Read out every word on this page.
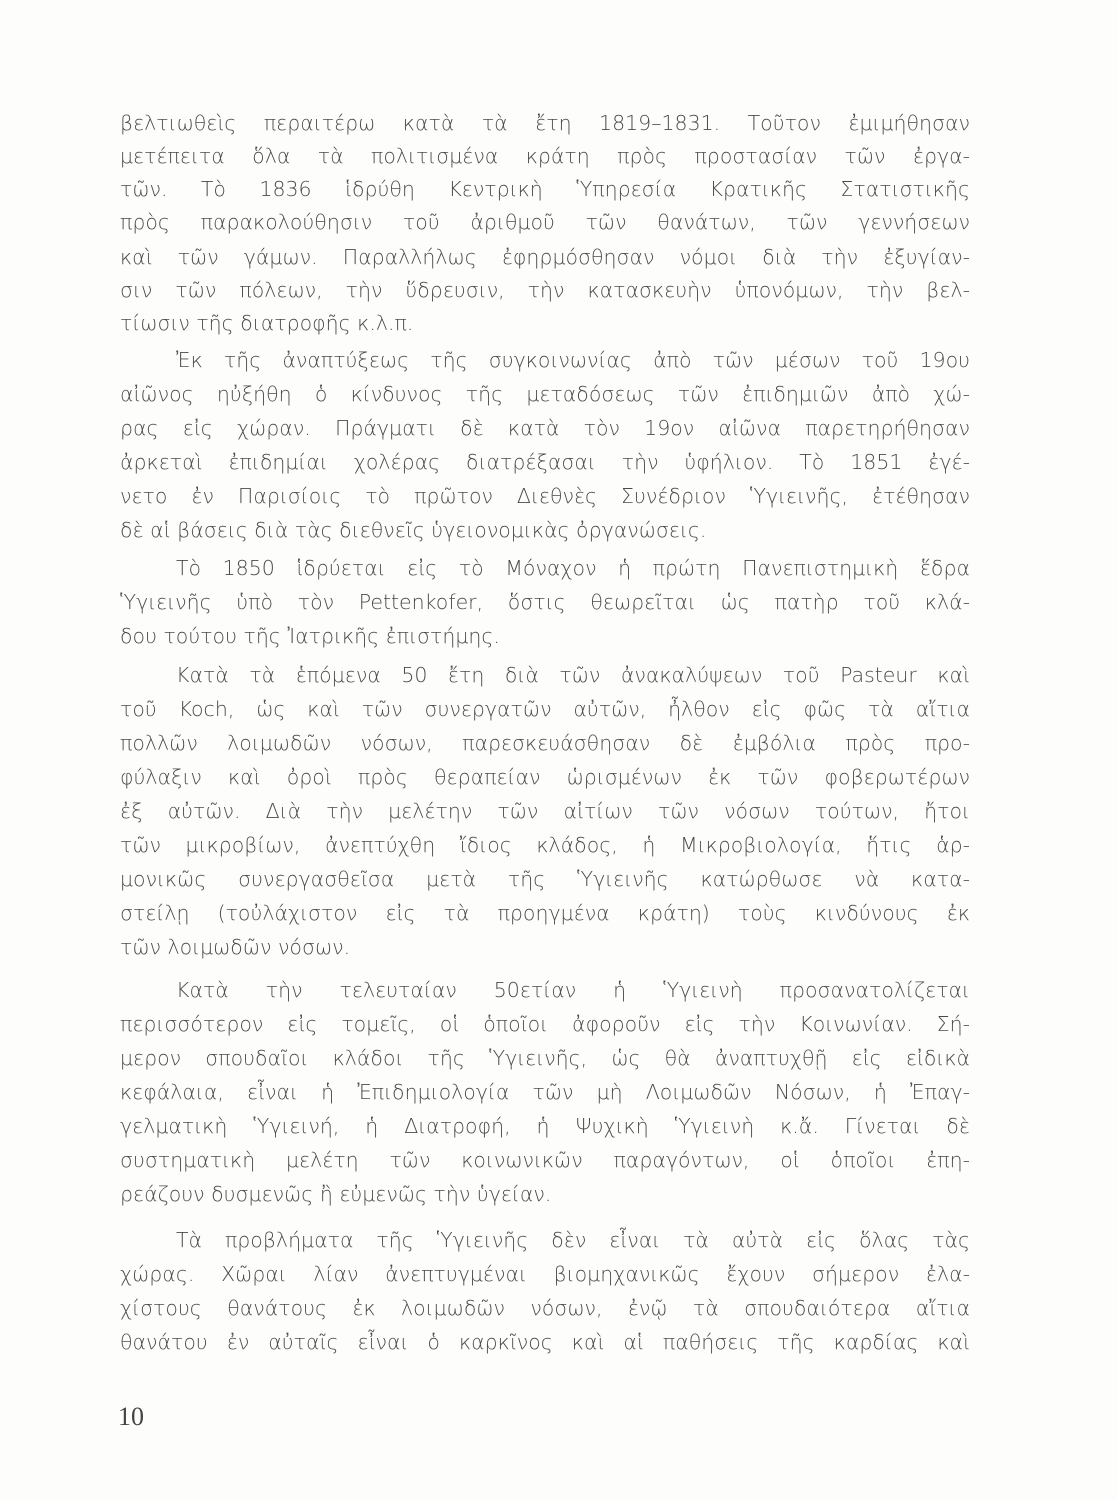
βελτιωθεὶς περαιτέρω κατὰ τὰ ἔτη 1819–1831. Τοῦτον ἐμιμήθησαν
μετέπειτα ὅλα τὰ πολιτισμένα κράτη πρὸς προστασίαν τῶν ἐργα-
τῶν. Τὸ 1836 ἱδρύθη Κεντρικὴ Ὑπηρεσία Κρατικῆς Στατιστικῆς
πρὸς παρακολούθησιν τοῦ ἀριθμοῦ τῶν θανάτων, τῶν γεννήσεων
καὶ τῶν γάμων. Παραλλήλως ἐφηρμόσθησαν νόμοι διὰ τὴν ἐξυγίαν-
σιν τῶν πόλεων, τὴν ὕδρευσιν, τὴν κατασκευὴν ὑπονόμων, τὴν βελ-
τίωσιν τῆς διατροφῆς κ.λ.π.
Ἐκ τῆς ἀναπτύξεως τῆς συγκοινωνίας ἀπὸ τῶν μέσων τοῦ 19ου
αἰῶνος ηὐξήθη ὁ κίνδυνος τῆς μεταδόσεως τῶν ἐπιδημιῶν ἀπὸ χώ-
ρας εἰς χώραν. Πράγματι δὲ κατὰ τὸν 19ον αἰῶνα παρετηρήθησαν
ἀρκεταὶ ἐπιδημίαι χολέρας διατρέξασαι τὴν ὑφήλιον. Τὸ 1851 ἐγέ-
νετο ἐν Παρισίοις τὸ πρῶτον Διεθνὲς Συνέδριον Ὑγιεινῆς, ἐτέθησαν
δὲ αἱ βάσεις διὰ τὰς διεθνεῖς ὑγειονομικὰς ὀργανώσεις.
Τὸ 1850 ἱδρύεται εἰς τὸ Μόναχον ἡ πρώτη Πανεπιστημικὴ ἕδρα
Ὑγιεινῆς ὑπὸ τὸν Pettenkofer, ὅστις θεωρεῖται ὡς πατὴρ τοῦ κλά-
δου τούτου τῆς Ἰατρικῆς ἐπιστήμης.
Κατὰ τὰ ἑπόμενα 50 ἔτη διὰ τῶν ἀνακαλύψεων τοῦ Pasteur καὶ
τοῦ Koch, ὡς καὶ τῶν συνεργατῶν αὐτῶν, ἦλθον εἰς φῶς τὰ αἴτια
πολλῶν λοιμωδῶν νόσων, παρεσκευάσθησαν δὲ ἐμβόλια πρὸς προ-
φύλαξιν καὶ ὀροὶ πρὸς θεραπείαν ὡρισμένων ἐκ τῶν φοβερωτέρων
ἐξ αὐτῶν. Διὰ τὴν μελέτην τῶν αἰτίων τῶν νόσων τούτων, ἤτοι
τῶν μικροβίων, ἀνεπτύχθη ἴδιος κλάδος, ἡ Μικροβιολογία, ἥτις ἁρ-
μονικῶς συνεργασθεῖσα μετὰ τῆς Ὑγιεινῆς κατώρθωσε νὰ κατα-
στείλῃ (τοὐλάχιστον εἰς τὰ προηγμένα κράτη) τοὺς κινδύνους ἐκ
τῶν λοιμωδῶν νόσων.
Κατὰ τὴν τελευταίαν 50ετίαν ἡ Ὑγιεινὴ προσανατολίζεται
περισσότερον εἰς τομεῖς, οἱ ὁποῖοι ἀφοροῦν εἰς τὴν Κοινωνίαν. Σή-
μερον σπουδαῖοι κλάδοι τῆς Ὑγιεινῆς, ὡς θὰ ἀναπτυχθῇ εἰς εἰδικὰ
κεφάλαια, εἶναι ἡ Ἐπιδημιολογία τῶν μὴ Λοιμωδῶν Νόσων, ἡ Ἐπαγ-
γελματικὴ Ὑγιεινή, ἡ Διατροφή, ἡ Ψυχικὴ Ὑγιεινὴ κ.ἄ. Γίνεται δὲ
συστηματικὴ μελέτη τῶν κοινωνικῶν παραγόντων, οἱ ὁποῖοι ἐπη-
ρεάζουν δυσμενῶς ἢ εὐμενῶς τὴν ὑγείαν.
Τὰ προβλήματα τῆς Ὑγιεινῆς δὲν εἶναι τὰ αὐτὰ εἰς ὅλας τὰς
χώρας. Χῶραι λίαν ἀνεπτυγμέναι βιομηχανικῶς ἔχουν σήμερον ἐλα-
χίστους θανάτους ἐκ λοιμωδῶν νόσων, ἐνῷ τὰ σπουδαιότερα αἴτια
θανάτου ἐν αὐταῖς εἶναι ὁ καρκῖνος καὶ αἱ παθήσεις τῆς καρδίας καὶ
10
